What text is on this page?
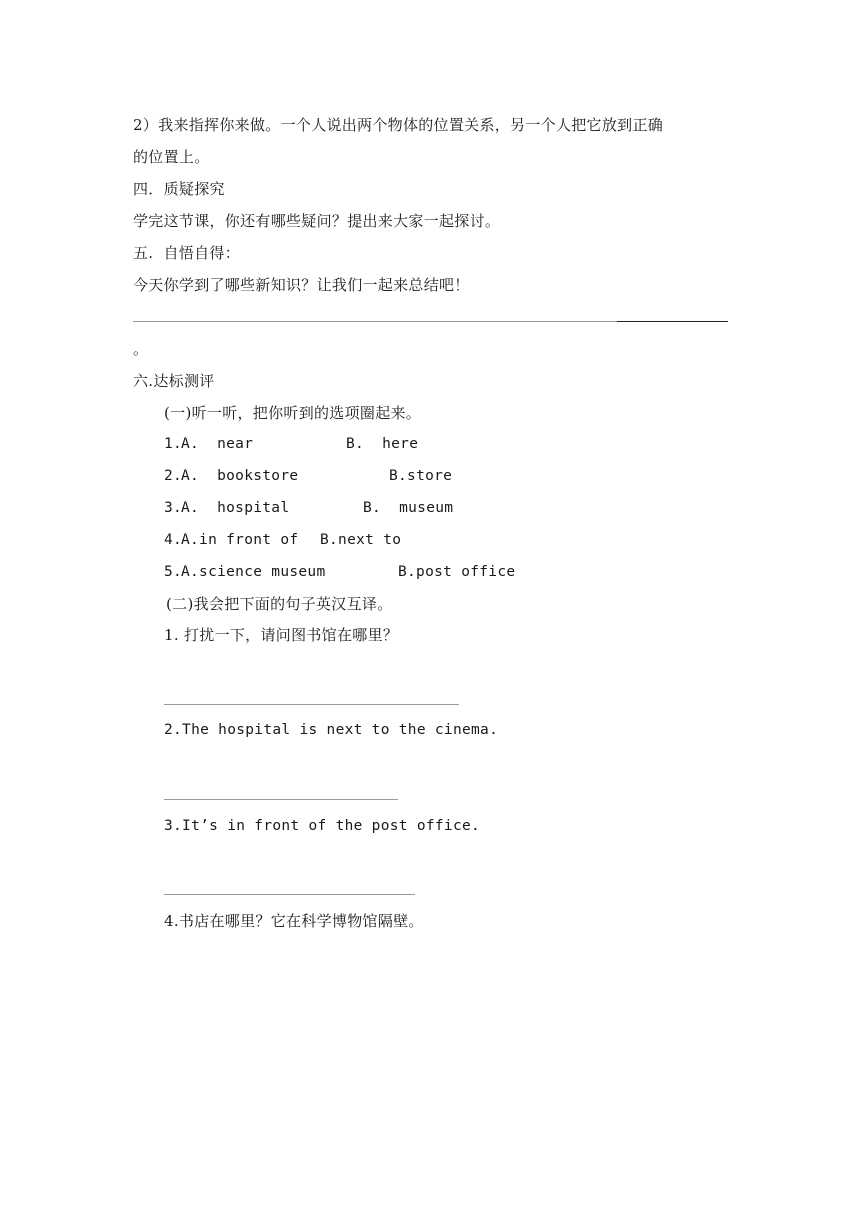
2）我来指挥你来做。一个人说出两个物体的位置关系，另一个人把它放到正确
的位置上。
四．质疑探究
学完这节课，你还有哪些疑问？提出来大家一起探讨。
五.  自悟自得：
今天你学到了哪些新知识？让我们一起来总结吧！
。
六.达标测评
(一)听一听，把你听到的选项圈起来。
1.
A.  near	B.  here
2.
A.  bookstore	B.store
3.
A.  hospital	B.  museum
4.
A.in front of B.next to
5.
A.science museum	B.post office
(二)我会把下面的句子英汉互译。
1. 打扰一下，请问图书馆在哪里？
2.The hospital is next to the cinema.
3.It’s in front of the post office.
4.书店在哪里？它在科学博物馆隔壁。
